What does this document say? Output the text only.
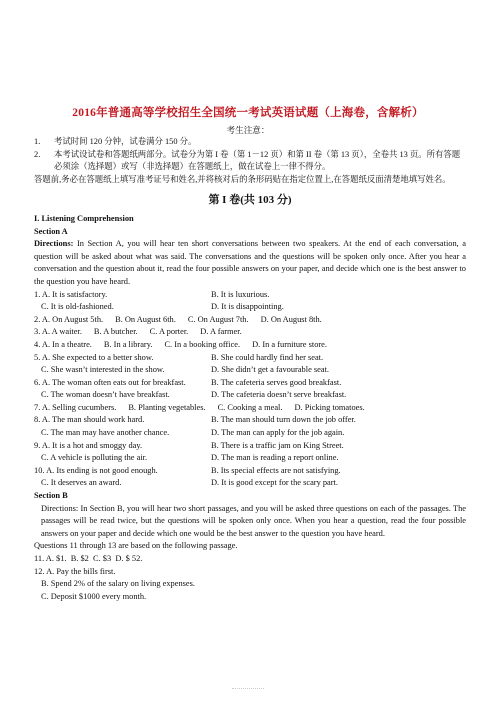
2016年普通高等学校招生全国统一考试英语试题（上海卷，含解析）
考生注意：
1.	考试时间 120 分钟，试卷满分 150 分。
2.	本考试设试卷和答题纸两部分。试卷分为第 I 卷（第 1－12 页）和第 II 卷（第 13 页），全卷共 13 页。所有答题必须涂（选择题）或写（非选择题）在答题纸上，做在试卷上一律不得分。
答题前,务必在答题纸上填写准考证号和姓名,并将核对后的条形码贴在指定位置上,在答题纸反面清楚地填写姓名。
第 I 卷(共 103 分)
I. Listening Comprehension
Section A
Directions: In Section A, you will hear ten short conversations between two speakers. At the end of each conversation, a question will be asked about what was said. The conversations and the questions will be spoken only once. After you hear a conversation and the question about it, read the four possible answers on your paper, and decide which one is the best answer to the question you have heard.
1. A. It is satisfactory.	B. It is luxurious.
C. It is old-fashioned.	D. It is disappointing.
2. A. On August 5th. B. On August 6th. C. On August 7th. D. On August 8th.
3. A. A waiter. B. A butcher. C. A porter. D. A farmer.
4. A. In a theatre. B. In a library. C. In a booking office. D. In a furniture store.
5. A. She expected to a better show.	B. She could hardly find her seat.
C. She wasn’t interested in the show.	D. She didn’t get a favourable seat.
6. A. The woman often eats out for breakfast.	B. The cafeteria serves good breakfast.
C. The woman doesn’t have breakfast.	D. The cafeteria doesn’t serve breakfast.
7. A. Selling cucumbers. B. Planting vegetables. C. Cooking a meal. D. Picking tomatoes.
8. A. The man should work hard.	B. The man should turn down the job offer.
C. The man may have another chance.	D. The man can apply for the job again.
9. A. It is a hot and smoggy day.	B. There is a traffic jam on King Street.
C. A vehicle is polluting the air.	D. The man is reading a report online.
10. A. Its ending is not good enough.	B. Its special effects are not satisfying.
C. It deserves an award.	D. It is good except for the scary part.
Section B
Directions: In Section B, you will hear two short passages, and you will be asked three questions on each of the passages. The passages will be read twice, but the questions will be spoken only once. When you hear a question, read the four possible answers on your paper and decide which one would be the best answer to the question you have heard.
Questions 11 through 13 are based on the following passage.
11. A. $1. B. $2 C. $3 D. $ 52.
12. A. Pay the bills first.
B. Spend 2% of the salary on living expenses.
C. Deposit $1000 every month.
